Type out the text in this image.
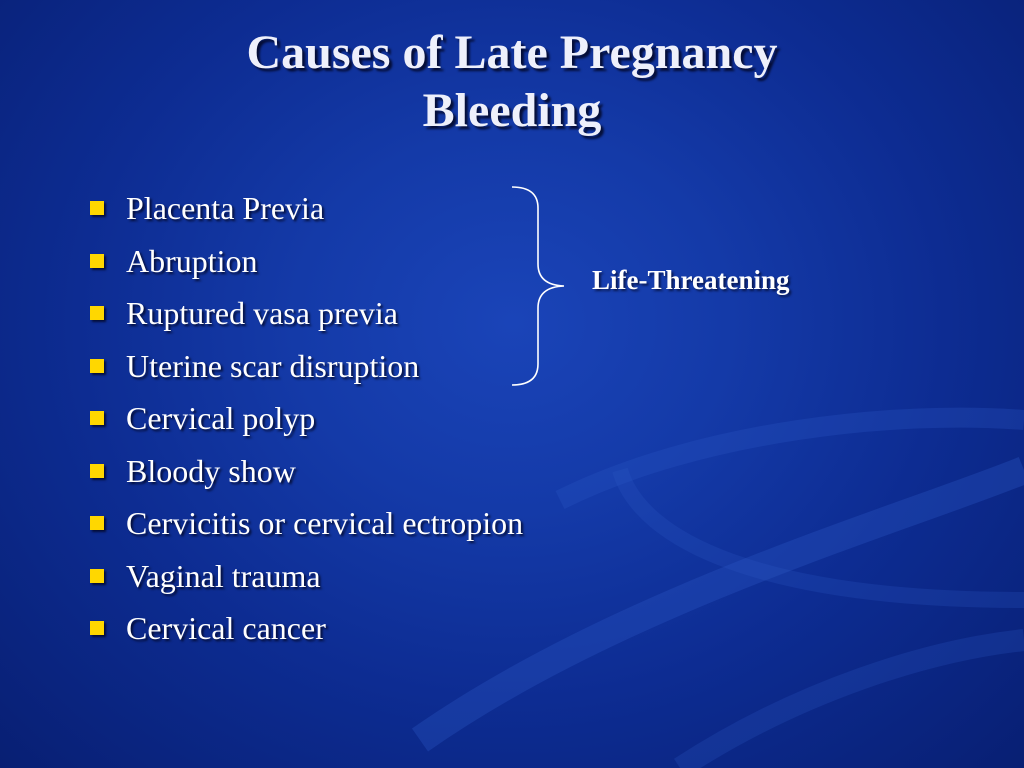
Causes of Late Pregnancy
Bleeding
Placenta Previa
Abruption
Ruptured vasa previa
Uterine scar disruption
Cervical polyp
Bloody show
Cervicitis or cervical ectropion
Vaginal trauma
Cervical cancer
Life-Threatening
